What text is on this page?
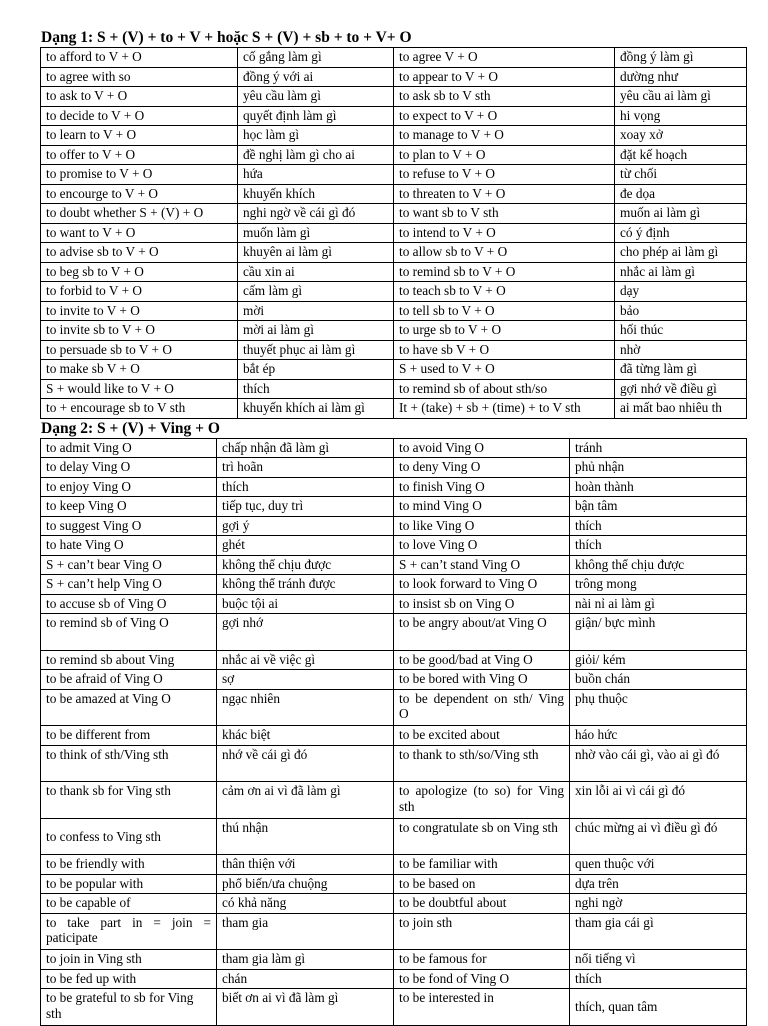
Dạng 1: S + (V) + to + V + hoặc S + (V) + sb + to + V+ O
to afford to V + O	cố gắng làm gì	to agree V + O	đồng ý làm gì
to agree with so	đồng ý với ai	to appear to V + O	dường như
to ask to V + O	yêu cầu làm gì	to ask sb to V sth	yêu cầu ai làm gì
to decide to V + O	quyết định làm gì	to expect to V + O	hi vọng
to learn to V + O	học làm gì	to manage to V + O	xoay xở
to offer to V + O	đề nghị làm gì cho ai	to plan to V + O	đặt kế hoạch
to promise to V + O	hứa	to refuse to V + O	từ chối
to encourge to V + O	khuyến khích	to threaten to V + O	đe dọa
to doubt whether S + (V) + O	nghi ngờ về cái gì đó	to want sb to V sth	muốn ai làm gì
to want to V + O	muốn làm gì	to intend to V + O	có ý định
to advise sb to V + O	khuyên ai làm gì	to allow sb to V + O	cho phép ai làm gì
to beg sb to V + O	cầu xin ai	to remind sb to V + O	nhắc ai làm gì
to forbid to V + O	cấm làm gì	to teach sb to V + O	dạy
to invite to V + O	mời	to tell sb to V + O	bảo
to invite sb to V + O	mời ai làm gì	to urge sb to V + O	hối thúc
to persuade sb to V + O	thuyết phục ai làm gì	to have sb V + O	nhờ
to make sb V + O	bắt ép	S + used to V + O	đã từng làm gì
S + would like to V + O	thích	to remind sb of about sth/so	gợi nhớ về điều gì
to + encourage sb to V sth	khuyến khích ai làm gì	It + (take) + sb + (time) + to V sth	ai mất bao nhiêu th
Dạng 2: S + (V) + Ving + O
to admit Ving O	chấp nhận đã làm gì	to avoid Ving O	tránh
to delay Ving O	trì hoãn	to deny Ving O	phủ nhận
to enjoy Ving O	thích	to finish Ving O	hoàn thành
to keep Ving O	tiếp tục, duy trì	to mind Ving O	bận tâm
to suggest Ving O	gợi ý	to like Ving O	thích
to hate Ving O	ghét	to love Ving O	thích
S + can’t bear Ving O	không thể chịu được	S + can’t stand Ving O	không thể chịu được
S + can’t help Ving O	không thể tránh được	to look forward to Ving O	trông mong
to accuse sb of Ving O	buộc tội ai	to insist sb on Ving O	nài nỉ ai làm gì
to remind sb of Ving O	gợi nhớ	to be angry about/at Ving O	giận/ bực mình
to remind sb about Ving	nhắc ai về việc gì	to be good/bad at Ving O	giỏi/ kém
to be afraid of Ving O	sợ	to be bored with Ving O	buồn chán
to be amazed at Ving O	ngạc nhiên	to be dependent on sth/ Ving O	phụ thuộc
to be different from	khác biệt	to be excited about	háo hức
to think of sth/Ving sth	nhớ về cái gì đó	to thank to sth/so/Ving sth	nhờ vào cái gì, vào ai gì đó
to thank sb for Ving sth	cảm ơn ai vì đã làm gì	to apologize (to so) for Ving sth	xin lỗi ai vì cái gì đó
to confess to Ving sth	thú nhận	to congratulate sb on Ving sth	chúc mừng ai vì điều gì đó
to be friendly with	thân thiện với	to be familiar with	quen thuộc với
to be popular with	phổ biến/ưa chuộng	to be based on	dựa trên
to be capable of	có khả năng	to be doubtful about	nghi ngờ
to take part in = join = paticipate	tham gia	to join sth	tham gia cái gì
to join in Ving sth	tham gia làm gì	to be famous for	nổi tiếng vì
to be fed up with	chán	to be fond of Ving O	thích
to be grateful to sb for Ving sth	biết ơn ai vì đã làm gì	to be interested in	thích, quan tâm
